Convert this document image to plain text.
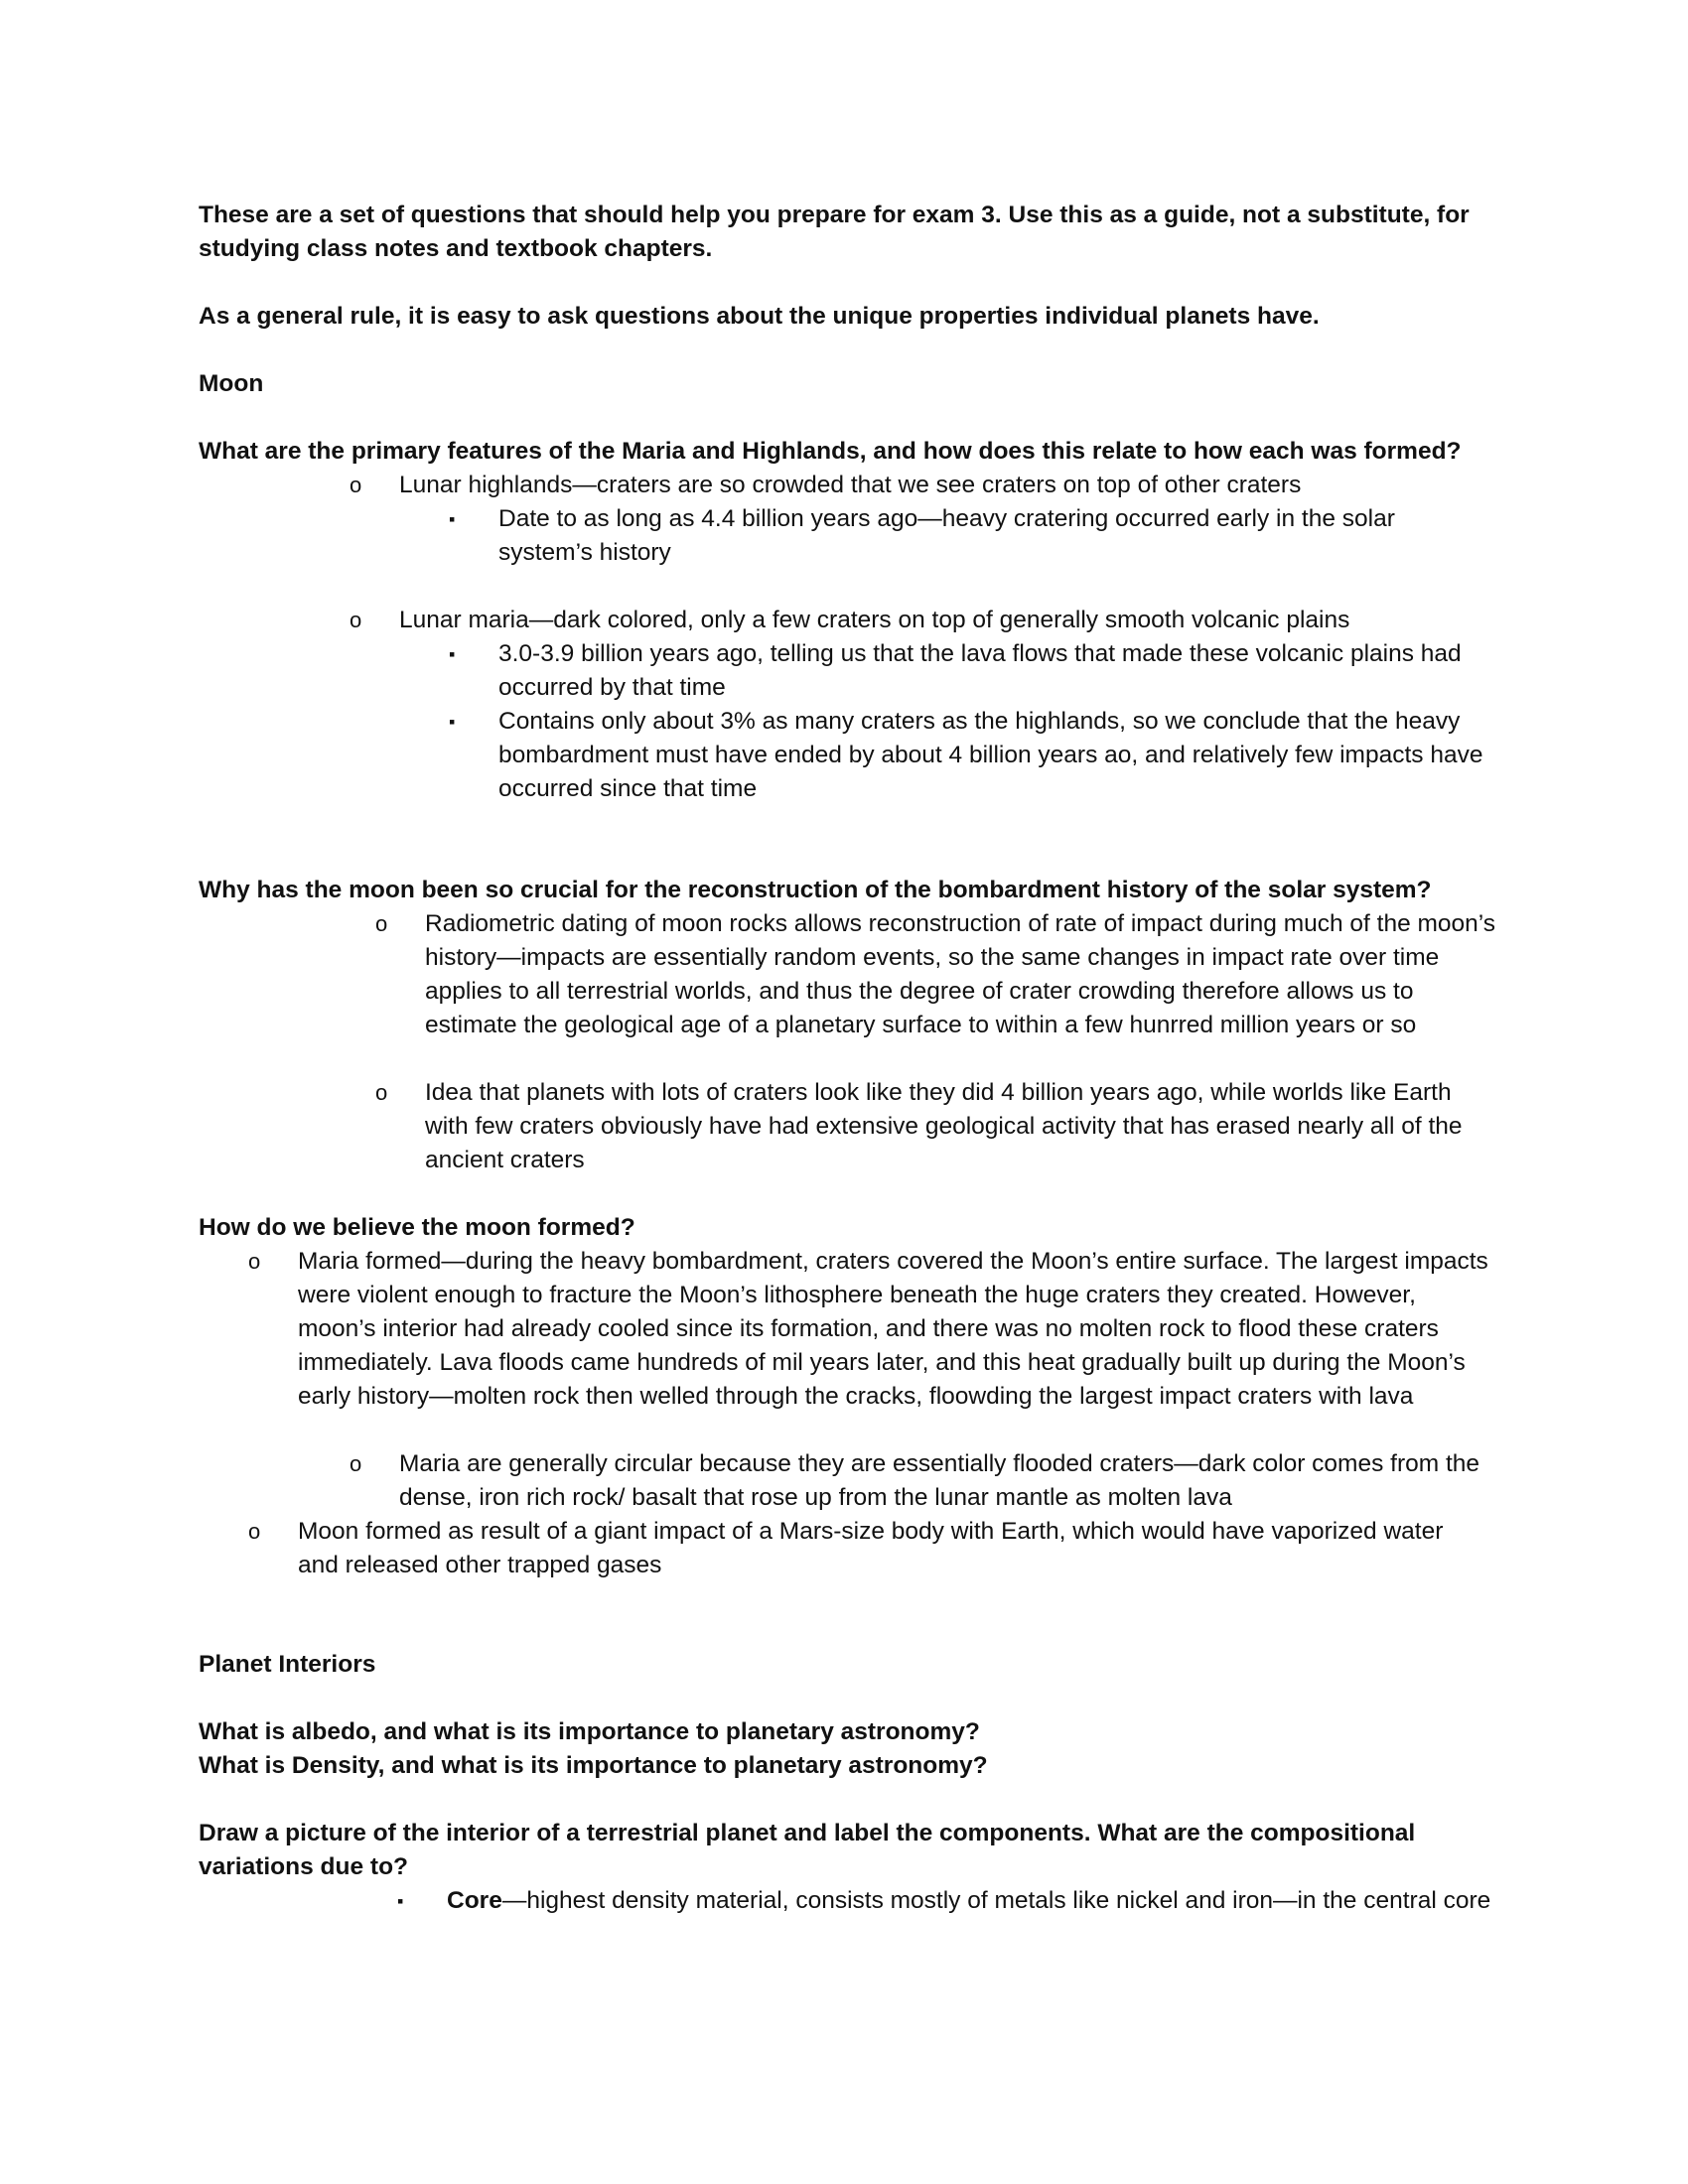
These are a set of questions that should help you prepare for exam 3. Use this as a guide, not a substitute, for studying class notes and textbook chapters.

As a general rule, it is easy to ask questions about the unique properties individual planets have.

Moon

What are the primary features of the Maria and Highlands, and how does this relate to how each was formed?

o	Lunar highlands—craters are so crowded that we see craters on top of other craters

▪	Date to as long as 4.4 billion years ago—heavy cratering occurred early in the solar system’s history

o	Lunar maria—dark colored, only a few craters on top of generally smooth volcanic plains

▪	3.0-3.9 billion years ago, telling us that the lava flows that made these volcanic plains had occurred by that time

▪	Contains only about 3% as many craters as the highlands, so we conclude that the heavy bombardment must have ended by about 4 billion years ao, and relatively few impacts have occurred since that time

Why has the moon been so crucial for the reconstruction of the bombardment history of the solar system?

o	Radiometric dating of moon rocks allows reconstruction of rate of impact during much of the moon’s history—impacts are essentially random events, so the same changes in impact rate over time applies to all terrestrial worlds, and thus the degree of crater crowding therefore allows us to estimate the geological age of a planetary surface to within a few hunrred million years or so

o	Idea that planets with lots of craters look like they did 4 billion years ago, while worlds like Earth with few craters obviously have had extensive geological activity that has erased nearly all of the ancient craters

How do we believe the moon formed?

o	Maria formed—during the heavy bombardment, craters covered the Moon’s entire surface. The largest impacts were violent enough to fracture the Moon’s lithosphere beneath the huge craters they created. However, moon’s interior had already cooled since its formation, and there was no molten rock to flood these craters immediately. Lava floods came hundreds of mil years later, and this heat gradually built up during the Moon’s early history—molten rock then welled through the cracks, floowding the largest impact craters with lava

o	Maria are generally circular because they are essentially flooded craters—dark color comes from the dense, iron rich rock/ basalt that rose up from the lunar mantle as molten lava

o	Moon formed as result of a giant impact of a Mars-size body with Earth, which would have vaporized water and released other trapped gases

Planet Interiors

What is albedo, and what is its importance to planetary astronomy?

What is Density, and what is its importance to planetary astronomy?

Draw a picture of the interior of a terrestrial planet and label the components. What are the compositional variations due to?

▪	Core—highest density material, consists mostly of metals like nickel and iron—in the central core
